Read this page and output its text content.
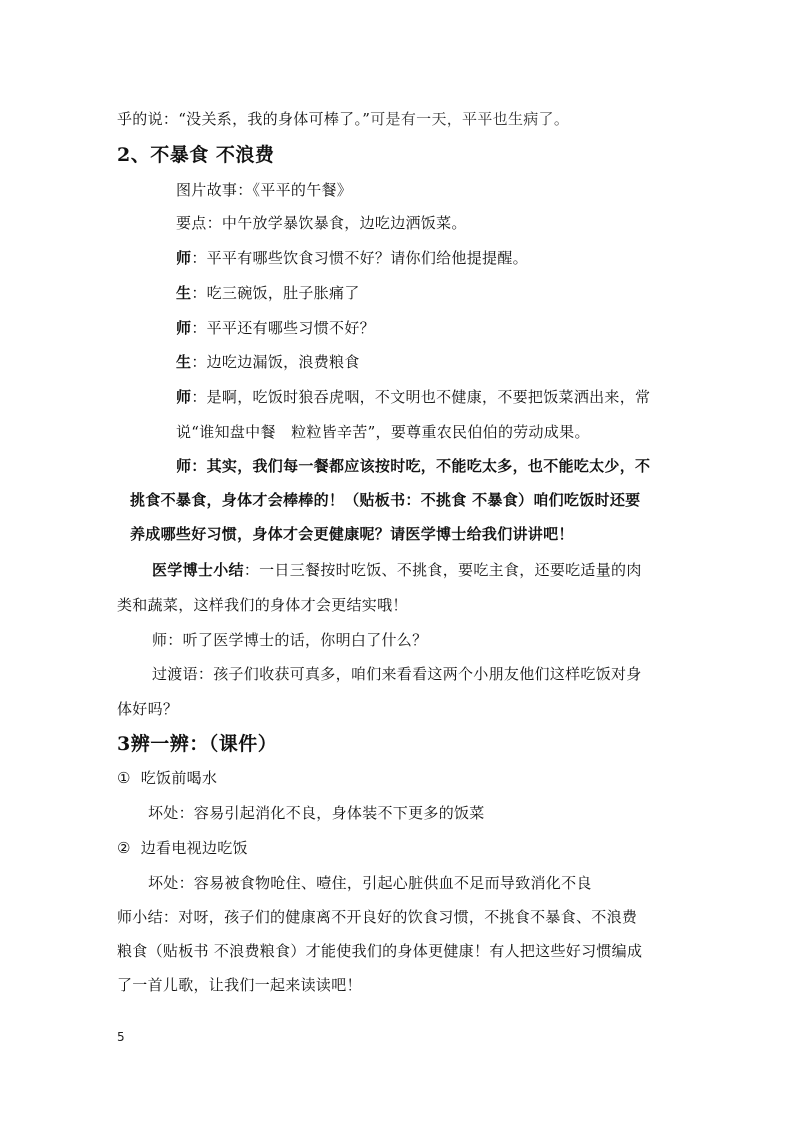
乎的说：“没关系，我的身体可棒了。”可是有一天，平平也生病了。
2、不暴食 不浪费
图片故事：《平平的午餐》
要点：中午放学暴饮暴食，边吃边洒饭菜。
师：平平有哪些饮食习惯不好？请你们给他提提醒。
生：吃三碗饭，肚子胀痛了
师：平平还有哪些习惯不好？
生：边吃边漏饭，浪费粮食
师：是啊，吃饭时狼吞虎咽，不文明也不健康，不要把饭菜洒出来，常
说“谁知盘中餐　粒粒皆辛苦”，要尊重农民伯伯的劳动成果。
师：其实，我们每一餐都应该按时吃，不能吃太多，也不能吃太少，不
挑食不暴食，身体才会棒棒的！（贴板书：不挑食 不暴食）咱们吃饭时还要
养成哪些好习惯，身体才会更健康呢？请医学博士给我们讲讲吧！
医学博士小结：一日三餐按时吃饭、不挑食，要吃主食，还要吃适量的肉
类和蔬菜，这样我们的身体才会更结实哦！
师：听了医学博士的话，你明白了什么？
过渡语：孩子们收获可真多，咱们来看看这两个小朋友他们这样吃饭对身
体好吗？
3辨一辨：（课件）
① 吃饭前喝水
坏处：容易引起消化不良，身体装不下更多的饭菜
② 边看电视边吃饭
坏处：容易被食物呛住、噎住，引起心脏供血不足而导致消化不良
师小结：对呀，孩子们的健康离不开良好的饮食习惯，不挑食不暴食、不浪费
粮食（贴板书 不浪费粮食）才能使我们的身体更健康！有人把这些好习惯编成
了一首儿歌，让我们一起来读读吧！
5
